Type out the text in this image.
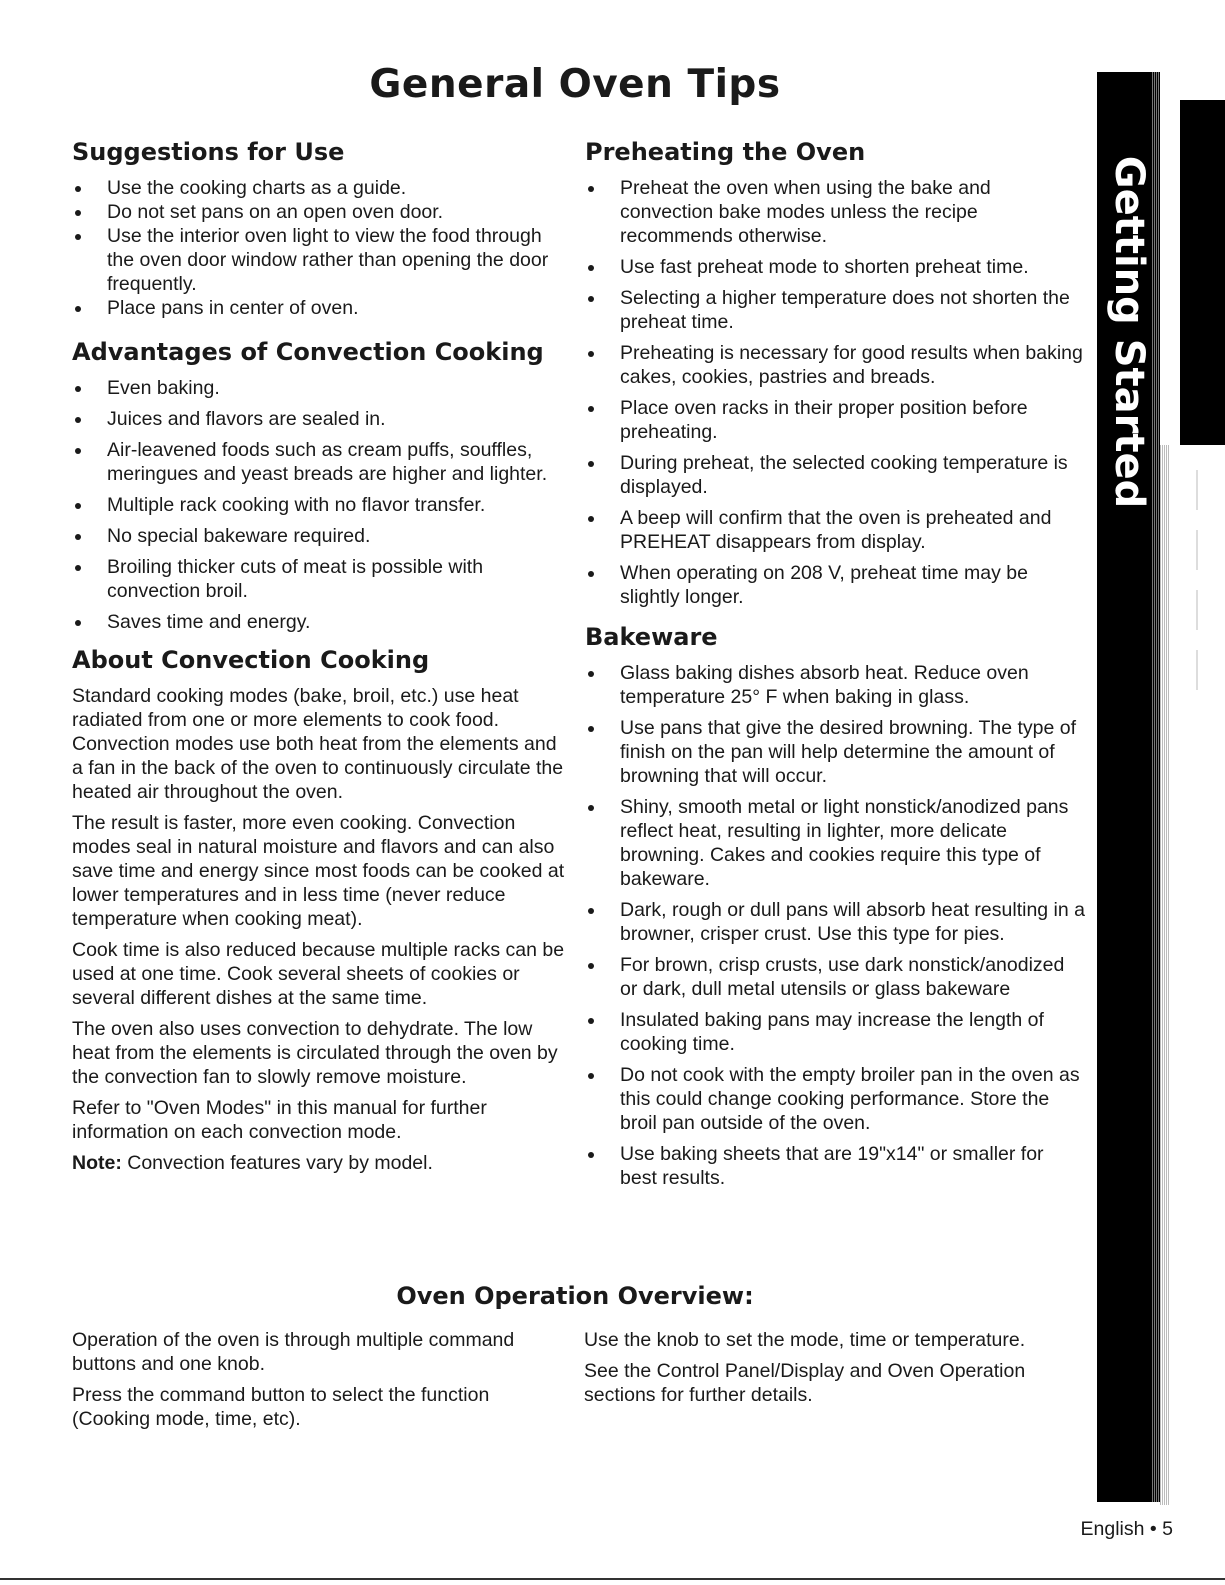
General Oven Tips
Suggestions for Use
Use the cooking charts as a guide.
Do not set pans on an open oven door.
Use the interior oven light to view the food through the oven door window rather than opening the door frequently.
Place pans in center of oven.
Advantages of Convection Cooking
Even baking.
Juices and flavors are sealed in.
Air-leavened foods such as cream puffs, souffles, meringues and yeast breads are higher and lighter.
Multiple rack cooking with no flavor transfer.
No special bakeware required.
Broiling thicker cuts of meat is possible with convection broil.
Saves time and energy.
About Convection Cooking

Standard cooking modes (bake, broil, etc.) use heat radiated from one or more elements to cook food. Convection modes use both heat from the elements and a fan in the back of the oven to continuously circulate the heated air throughout the oven.

The result is faster, more even cooking. Convection modes seal in natural moisture and flavors and can also save time and energy since most foods can be cooked at lower temperatures and in less time (never reduce temperature when cooking meat).

Cook time is also reduced because multiple racks can be used at one time. Cook several sheets of cookies or several different dishes at the same time.

The oven also uses convection to dehydrate. The low heat from the elements is circulated through the oven by the convection fan to slowly remove moisture.

Refer to "Oven Modes" in this manual for further information on each convection mode.

Note: Convection features vary by model.

Preheating the Oven
Preheat the oven when using the bake and convection bake modes unless the recipe recommends otherwise.
Use fast preheat mode to shorten preheat time.
Selecting a higher temperature does not shorten the preheat time.
Preheating is necessary for good results when baking cakes, cookies, pastries and breads.
Place oven racks in their proper position before preheating.
During preheat, the selected cooking temperature is displayed.
A beep will confirm that the oven is preheated and PREHEAT disappears from display.
When operating on 208 V, preheat time may be slightly longer.
Bakeware
Glass baking dishes absorb heat. Reduce oven temperature 25° F when baking in glass.
Use pans that give the desired browning. The type of finish on the pan will help determine the amount of browning that will occur.
Shiny, smooth metal or light nonstick/anodized pans reflect heat, resulting in lighter, more delicate browning. Cakes and cookies require this type of bakeware.
Dark, rough or dull pans will absorb heat resulting in a browner, crisper crust. Use this type for pies.
For brown, crisp crusts, use dark nonstick/anodized or dark, dull metal utensils or glass bakeware
Insulated baking pans may increase the length of cooking time.
Do not cook with the empty broiler pan in the oven as this could change cooking performance. Store the broil pan outside of the oven.
Use baking sheets that are 19"x14" or smaller for best results.
Oven Operation Overview:

Operation of the oven is through multiple command buttons and one knob.

Press the command button to select the function (Cooking mode, time, etc).

Use the knob to set the mode, time or temperature.

See the Control Panel/Display and Oven Operation sections for further details.

Getting Started
English • 5
